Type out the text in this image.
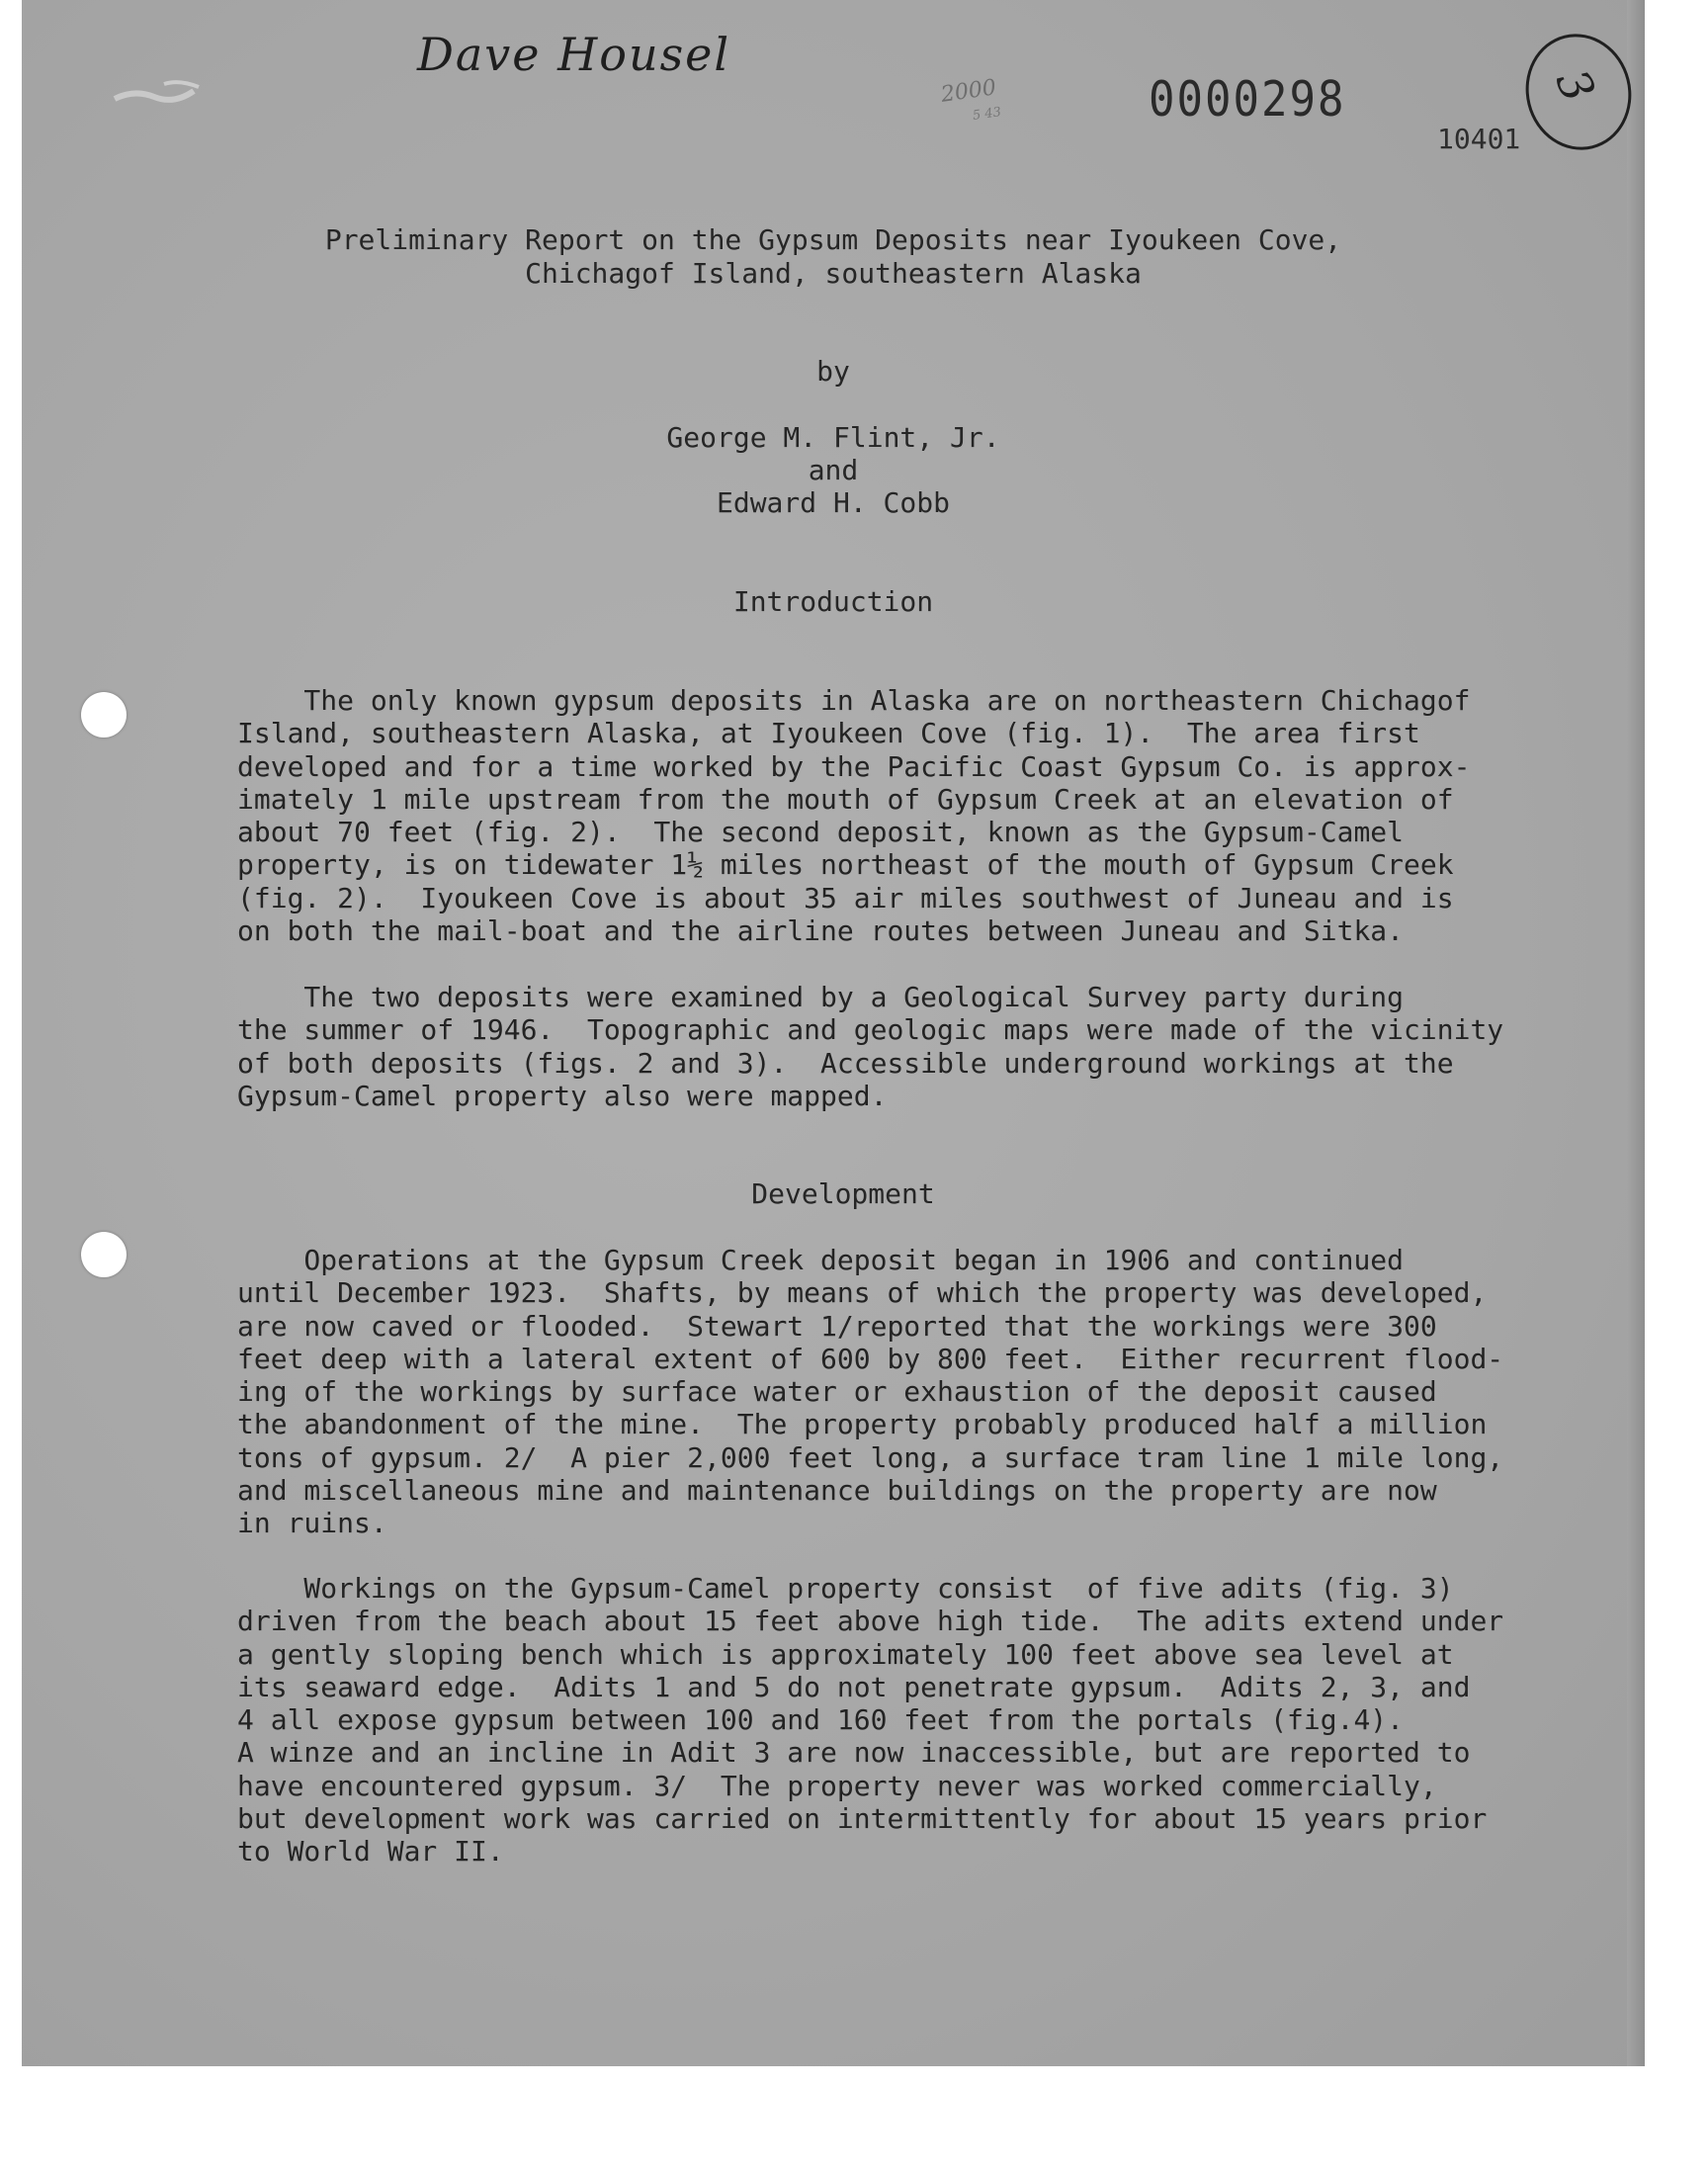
Dave Housel
2000
5 43	0000298
10401
3
Preliminary Report on the Gypsum Deposits near Iyoukeen Cove,
Chichagof Island, southeastern Alaska
by
George M. Flint, Jr.
and
Edward H. Cobb
Introduction
The only known gypsum deposits in Alaska are on northeastern Chichagof
Island, southeastern Alaska, at Iyoukeen Cove (fig. 1).  The area first
developed and for a time worked by the Pacific Coast Gypsum Co. is approx-
imately 1 mile upstream from the mouth of Gypsum Creek at an elevation of
about 70 feet (fig. 2).  The second deposit, known as the Gypsum-Camel
property, is on tidewater 1½ miles northeast of the mouth of Gypsum Creek
(fig. 2).  Iyoukeen Cove is about 35 air miles southwest of Juneau and is
on both the mail-boat and the airline routes between Juneau and Sitka.
The two deposits were examined by a Geological Survey party during
the summer of 1946.  Topographic and geologic maps were made of the vicinity
of both deposits (figs. 2 and 3).  Accessible underground workings at the
Gypsum-Camel property also were mapped.
Development
Operations at the Gypsum Creek deposit began in 1906 and continued
until December 1923.  Shafts, by means of which the property was developed,
are now caved or flooded.  Stewart 1/reported that the workings were 300
feet deep with a lateral extent of 600 by 800 feet.  Either recurrent flood-
ing of the workings by surface water or exhaustion of the deposit caused
the abandonment of the mine.  The property probably produced half a million
tons of gypsum. 2/  A pier 2,000 feet long, a surface tram line 1 mile long,
and miscellaneous mine and maintenance buildings on the property are now
in ruins.
Workings on the Gypsum-Camel property consist  of five adits (fig. 3)
driven from the beach about 15 feet above high tide.  The adits extend under
a gently sloping bench which is approximately 100 feet above sea level at
its seaward edge.  Adits 1 and 5 do not penetrate gypsum.  Adits 2, 3, and
4 all expose gypsum between 100 and 160 feet from the portals (fig.4).
A winze and an incline in Adit 3 are now inaccessible, but are reported to
have encountered gypsum. 3/  The property never was worked commercially,
but development work was carried on intermittently for about 15 years prior
to World War II.
